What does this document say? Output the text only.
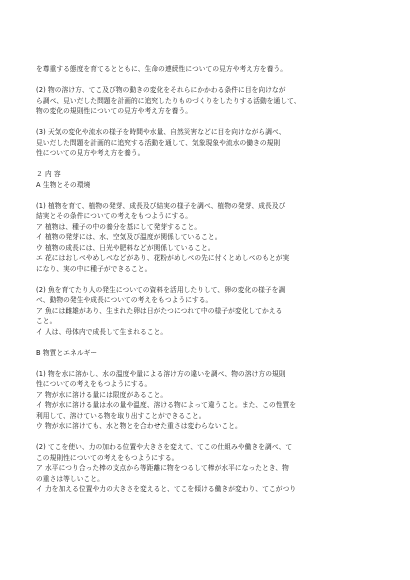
を尊重する態度を育てるとともに、生命の連続性についての見方や考え方を養う。
(2) 物の溶け方、てこ及び物の動きの変化をそれらにかかわる条件に目を向けなが
ら調べ、見いだした問題を計画的に追究したりものづくりをしたりする活動を通して、
物の変化の規則性についての見方や考え方を養う。
(3) 天気の変化や流水の様子を時間や水量、自然災害などに目を向けながら調べ、
見いだした問題を計画的に追究する活動を通して、気象現象や流水の働きの規則
性についての見方や考え方を養う。
２ 内 容
A 生物とその環境
(1) 植物を育て、植物の発芽、成長及び結実の様子を調べ、植物の発芽、成長及び
結実とその条件についての考えをもつようにする。
ア 植物は、種子の中の養分を基にして発芽すること。
イ 植物の発芽には、水、空気及び温度が関係していること。
ウ 植物の成長には、日光や肥料などが関係していること。
エ 花にはおしべやめしべなどがあり、花粉がめしべの先に付くとめしべのもとが実
になり、実の中に種子ができること。
(2) 魚を育てたり人の発生についての資料を活用したりして、卵の変化の様子を調
べ、動物の発生や成長についての考えをもつようにする。
ア 魚には雌雄があり、生まれた卵は日がたつにつれて中の様子が変化してかえる
こと。
イ 人は、母体内で成長して生まれること。
B 物質とエネルギー
(1) 物を水に溶かし、水の温度や量による溶け方の違いを調べ、物の溶け方の規則
性についての考えをもつようにする。
ア 物が水に溶ける量には限度があること。
イ 物が水に溶ける量は水の量や温度、溶ける物によって違うこと。また、この性質を
利用して、溶けている物を取り出すことができること。
ウ 物が水に溶けても、水と物とを合わせた重さは変わらないこと。
(2) てこを使い、力の加わる位置や大きさを変えて、てこの仕組みや働きを調べ、て
この規則性についての考えをもつようにする。
ア 水平につり合った棒の支点から等距離に物をつるして棒が水平になったとき、物
の重さは等しいこと。
イ 力を加える位置や力の大きさを変えると、てこを傾ける働きが変わり、てこがつり
